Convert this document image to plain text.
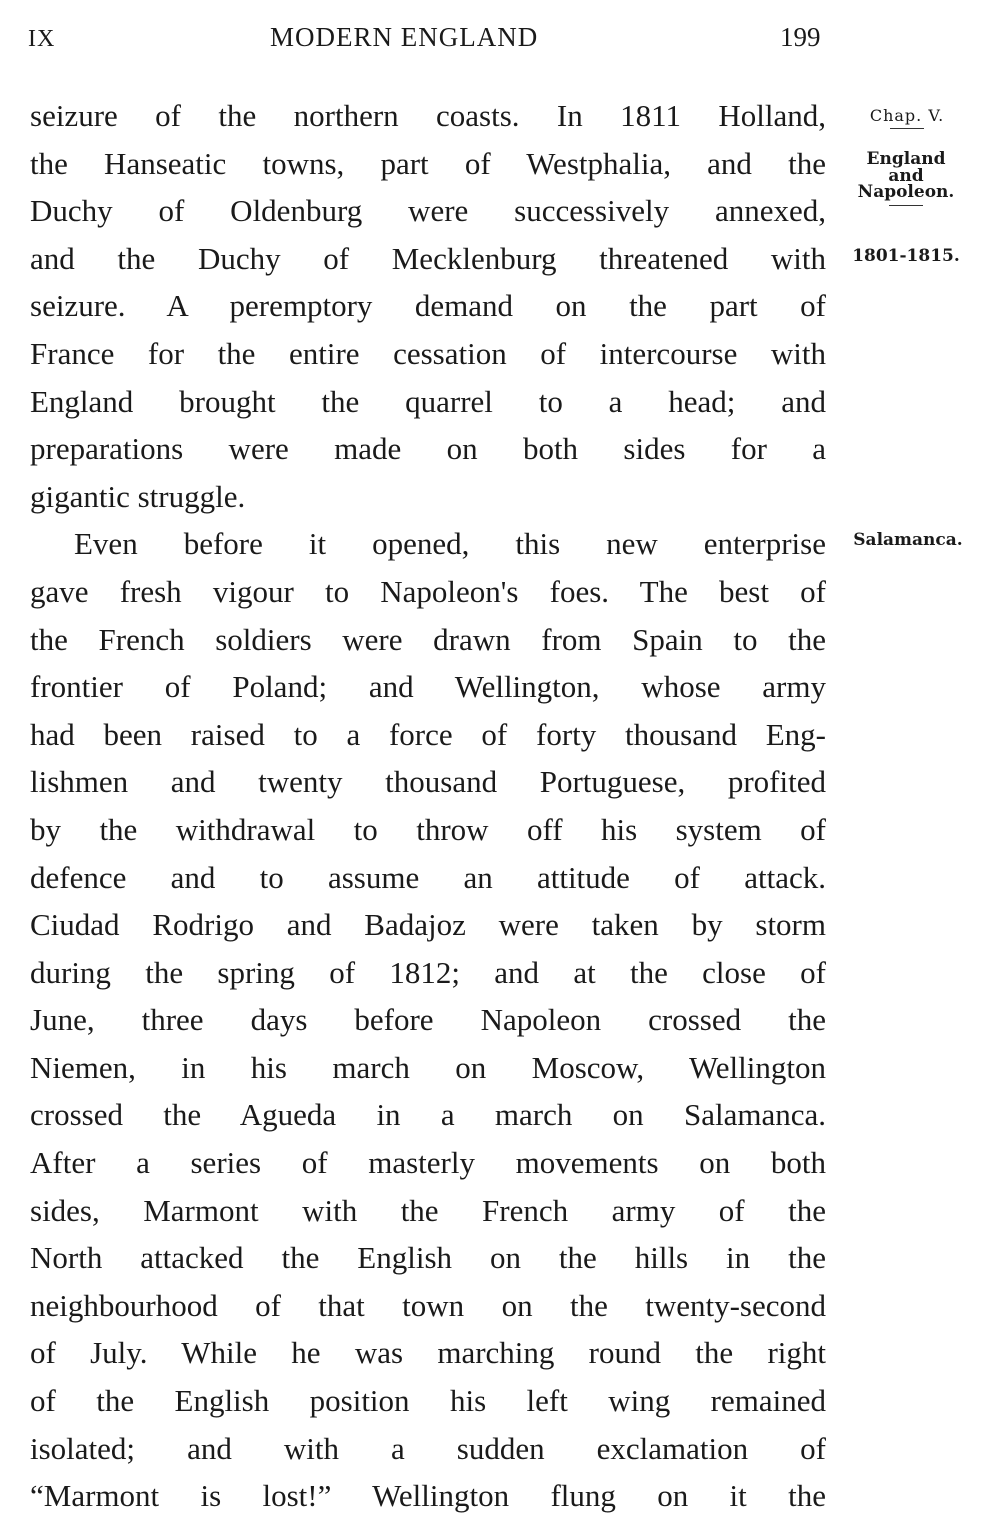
IX	MODERN ENGLAND	199
Chap. V.
England
and
Napoleon.
1801-1815.
Salamanca.
seizure of the northern coasts. In 1811 Holland,
the Hanseatic towns, part of Westphalia, and the
Duchy of Oldenburg were successively annexed,
and the Duchy of Mecklenburg threatened with
seizure. A peremptory demand on the part of
France for the entire cessation of intercourse with
England brought the quarrel to a head; and
preparations were made on both sides for a
gigantic struggle.
Even before it opened, this new enterprise
gave fresh vigour to Napoleon's foes. The best of
the French soldiers were drawn from Spain to the
frontier of Poland; and Wellington, whose army
had been raised to a force of forty thousand Eng-
lishmen and twenty thousand Portuguese, profited
by the withdrawal to throw off his system of
defence and to assume an attitude of attack.
Ciudad Rodrigo and Badajoz were taken by storm
during the spring of 1812; and at the close of
June, three days before Napoleon crossed the
Niemen, in his march on Moscow, Wellington
crossed the Agueda in a march on Salamanca.
After a series of masterly movements on both
sides, Marmont with the French army of the
North attacked the English on the hills in the
neighbourhood of that town on the twenty-second
of July. While he was marching round the right
of the English position his left wing remained
isolated; and with a sudden exclamation of
“Marmont is lost!” Wellington flung on it the
